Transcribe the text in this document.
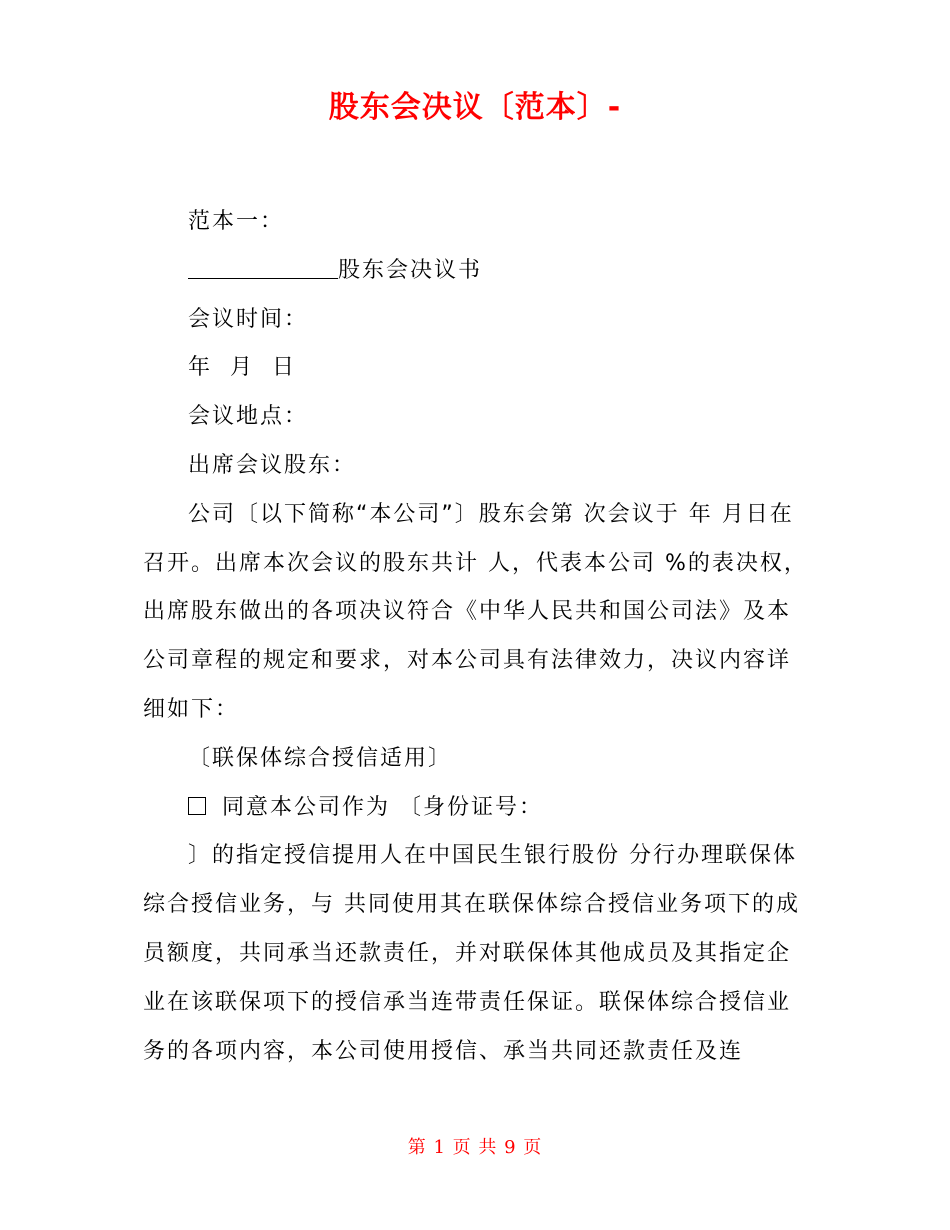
股东会决议〔范本〕-

范本一：

股东会决议书

会议时间：

年  月  日

会议地点：

出席会议股东：

公司〔以下简称“本公司”〕股东会第 次会议于 年 月日在 召开。出席本次会议的股东共计 人，代表本公司 %的表决权，出席股东做出的各项决议符合《中华人民共和国公司法》及本公司章程的规定和要求，对本公司具有法律效力，决议内容详细如下：

〔联保体综合授信适用〕

同意本公司作为 〔身份证号：

〕的指定授信提用人在中国民生银行股份 分行办理联保体综合授信业务，与 共同使用其在联保体综合授信业务项下的成员额度，共同承当还款责任，并对联保体其他成员及其指定企业在该联保项下的授信承当连带责任保证。联保体综合授信业务的各项内容，本公司使用授信、承当共同还款责任及连

第 1 页 共 9 页
